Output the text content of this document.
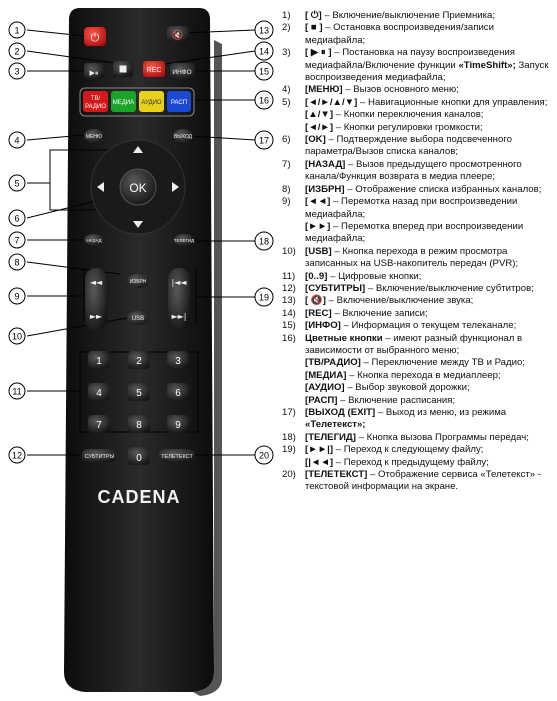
⏻	🔇
REC
▶⏸	ИНФО
ТВ/
РАДИО
МЕДИА АУДИО РАСП
МЕНЮ	ВЫХОД
OK
НАЗАД	ТЕЛЕГИД
◄◄
►►
|◄◄
►►|
ИЗБРН
USB
1	2	3
4	5	6
7	8	9
0
СУБТИТРЫ	ТЕЛЕТЕКСТ
CADENA
1
2
3
4
5
6
7
8
9
10
11
12
13
14
15
16
17
18
19
20
1)	[ ⏻] – Включение/выключение Приемника;
2)	[ ■ ] – Остановка воспроизведения/записи медиафайла;
3)	[ ▶ ⏸ ] – Постановка на паузу воспроизведения медиафайла/Включение функции «TimeShift»; Запуск воспроизведения медиафайла;
4)	[МЕНЮ] – Вызов основного меню;
5)	[◄/►/▲/▼] – Навигационные кнопки для управления;
[▲/▼] – Кнопки переключения каналов;
[◄/►] – Кнопки регулировки громкости;
6)	[OK] – Подтверждение выбора подсвеченного параметра/Вызов списка каналов;
7)	[НАЗАД] – Вызов предыдущего просмотренного канала/Функция возврата в медиа плеере;
8)	[ИЗБРН] – Отображение списка избранных каналов;
9)	[◄◄] – Перемотка назад при воспроизведении медиафайла;
[►►] – Перемотка вперед при воспроизведении медиафайла;
10) [USB] – Кнопка перехода в режим просмотра записанных на USB-накопитель передач (PVR);
11)	[0..9] – Цифровые кнопки;
12) [СУБТИТРЫ] – Включение/выключение субтитров;
13) [ 🔇] – Включение/выключение звука;
14) [REC] – Включение записи;
15) [ИНФО] – Информация о текущем телеканале;
16) Цветные кнопки – имеют разный функционал в зависимости от выбранного меню;
[ТВ/РАДИО] – Переключение между ТВ и Радио;
[МЕДИА] – Кнопка перехода в медиаплеер;
[АУДИО] – Выбор звуковой дорожки;
[РАСП] – Включение расписания;
17) [ВЫХОД (EXIT] – Выход из меню, из режима «Телетекст»;
18) [ТЕЛЕГИД] – Кнопка вызова Программы передач;
19) [►►|] – Переход к следующему файлу;
[|◄◄] – Переход к предыдущему файлу;
20) [ТЕЛЕТЕКСТ] – Отображение сервиса «Телетекст» - текстовой информации на экране.
